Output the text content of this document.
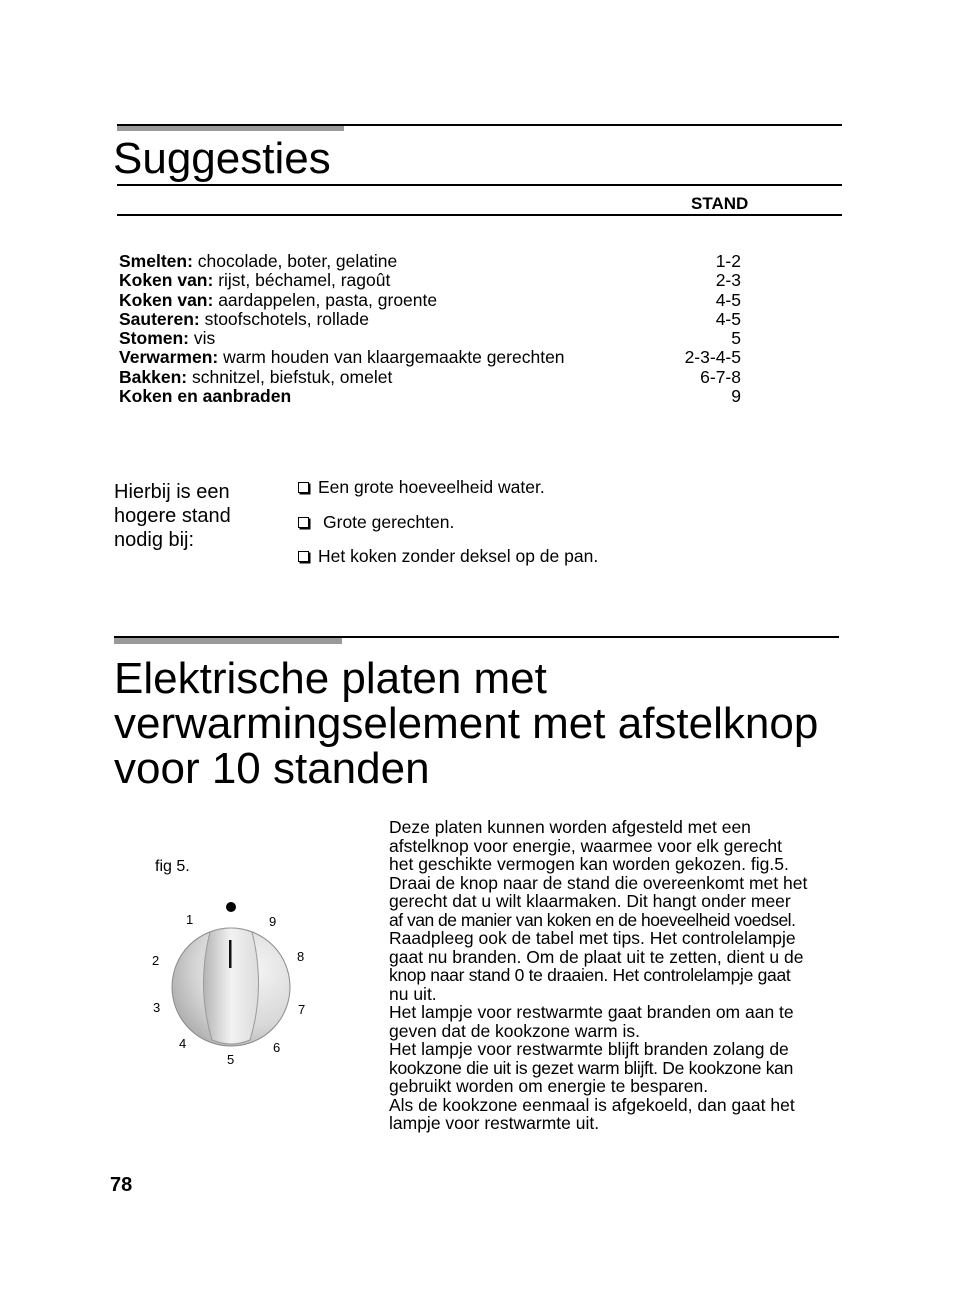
Suggesties
STAND
Smelten: chocolade, boter, gelatine	1-2
Koken van: rijst, béchamel, ragoût	2-3
Koken van: aardappelen, pasta, groente	4-5
Sauteren: stoofschotels, rollade	4-5
Stomen: vis	5
Verwarmen: warm houden van klaargemaakte gerechten	2-3-4-5
Bakken: schnitzel, biefstuk, omelet	6-7-8
Koken en aanbraden	9
Hierbij is een
hogere stand
nodig bij:
Een grote hoeveelheid water.
Grote gerechten.
Het koken zonder deksel op de pan.
Elektrische platen met
verwarmingselement met afstelknop
voor 10 standen
fig 5.
1
2
3
4
5
6
7
8
9
Deze platen kunnen worden afgesteld met een
afstelknop voor energie, waarmee voor elk gerecht
het geschikte vermogen kan worden gekozen. fig.5.
Draai de knop naar de stand die overeenkomt met het
gerecht dat u wilt klaarmaken. Dit hangt onder meer
af van de manier van koken en de hoeveelheid voedsel.
Raadpleeg ook de tabel met tips. Het controlelampje
gaat nu branden. Om de plaat uit te zetten, dient u de
knop naar stand 0 te draaien. Het controlelampje gaat
nu uit.
Het lampje voor restwarmte gaat branden om aan te
geven dat de kookzone warm is.
Het lampje voor restwarmte blijft branden zolang de
kookzone die uit is gezet warm blijft. De kookzone kan
gebruikt worden om energie te besparen.
Als de kookzone eenmaal is afgekoeld, dan gaat het
lampje voor restwarmte uit.
78
